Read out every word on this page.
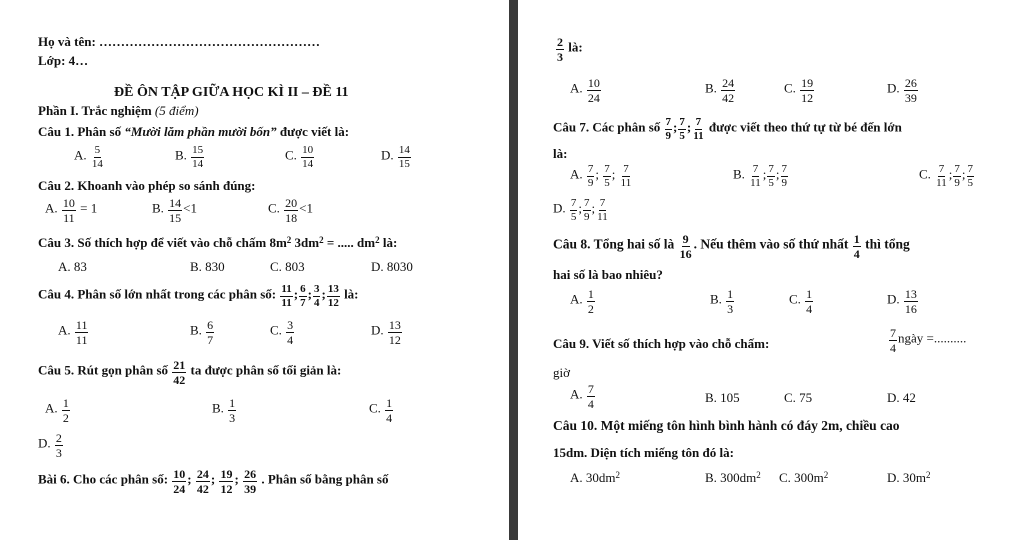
Họ và tên: ……………………………………………
Lớp: 4…
ĐỀ ÔN TẬP GIỮA HỌC KÌ II – ĐỀ 11
Phần I. Trắc nghiệm (5 điểm)
Câu 1. Phân số “Mười lăm phần mười bốn” được viết là:
A. $\frac{5}{14}$	B. $\frac{15}{14}$	C. $\frac{10}{14}$	D. $\frac{14}{15}$
Câu 2. Khoanh vào phép so sánh đúng:
A. $\frac{10}{11} = 1$	B. $\frac{14}{15} <1$	C. $\frac{20}{18} <1$
Câu 3. Số thích hợp để viết vào chỗ chấm $8m^2$ $3dm^2$ = ..... $dm^2$ là:
A. 83	B. 830	C. 803	D. 8030
Câu 4. Phân số lớn nhất trong các phân số: $\frac{11}{11}$ ; $\frac{6}{7}$ ; $\frac{3}{4}$ ; $\frac{13}{12}$ là:
A. $\frac{11}{11}$	B. $\frac{6}{7}$	C. $\frac{3}{4}$	D. $\frac{13}{12}$
Câu 5. Rút gọn phân số $\frac{21}{42}$ ta được phân số tối giản là:
A. $\frac{1}{2}$	B. $\frac{1}{3}$	C. $\frac{1}{4}$
D. $\frac{2}{3}$
Bài 6. Cho các phân số: $\frac{10}{24}$ ; $\frac{24}{42}$ ; $\frac{19}{12}$ ; $\frac{26}{39}$ . Phân số bằng phân số
$\frac{2}{3}$ là:
A. $\frac{10}{24}$	B. $\frac{24}{42}$	C. $\frac{19}{12}$	D. $\frac{26}{39}$
Câu 7. Các phân số $\frac{7}{9}$ ; $\frac{7}{5}$ ; $\frac{7}{11}$ được viết theo thứ tự từ bé đến lớn
là:
A. $\frac{7}{9}$ ; $\frac{7}{5}$ ; $\frac{7}{11}$	B. $\frac{7}{11}$ ; $\frac{7}{5}$ ; $\frac{7}{9}$	C. $\frac{7}{11}$ ; $\frac{7}{9}$ ; $\frac{7}{5}$
D. $\frac{7}{5}$ ; $\frac{7}{9}$ ; $\frac{7}{11}$
Câu 8. Tổng hai số là $\frac{9}{16}$ . Nếu thêm vào số thứ nhất $\frac{1}{4}$ thì tổng
hai số là bao nhiêu?
A. $\frac{1}{2}$	B. $\frac{1}{3}$	C. $\frac{1}{4}$	D. $\frac{13}{16}$
Câu 9. Viết số thích hợp vào chỗ chấm:	$\frac{7}{4}$ ngày =..........
giờ
A. $\frac{7}{4}$	B. 105	C. 75	D. 42
Câu 10. Một miếng tôn hình bình hành có đáy 2m, chiều cao
15dm. Diện tích miếng tôn đó là:
A. $30dm^2$	B. $300dm^2$ C. $300m^2$	D. $30m^2$
